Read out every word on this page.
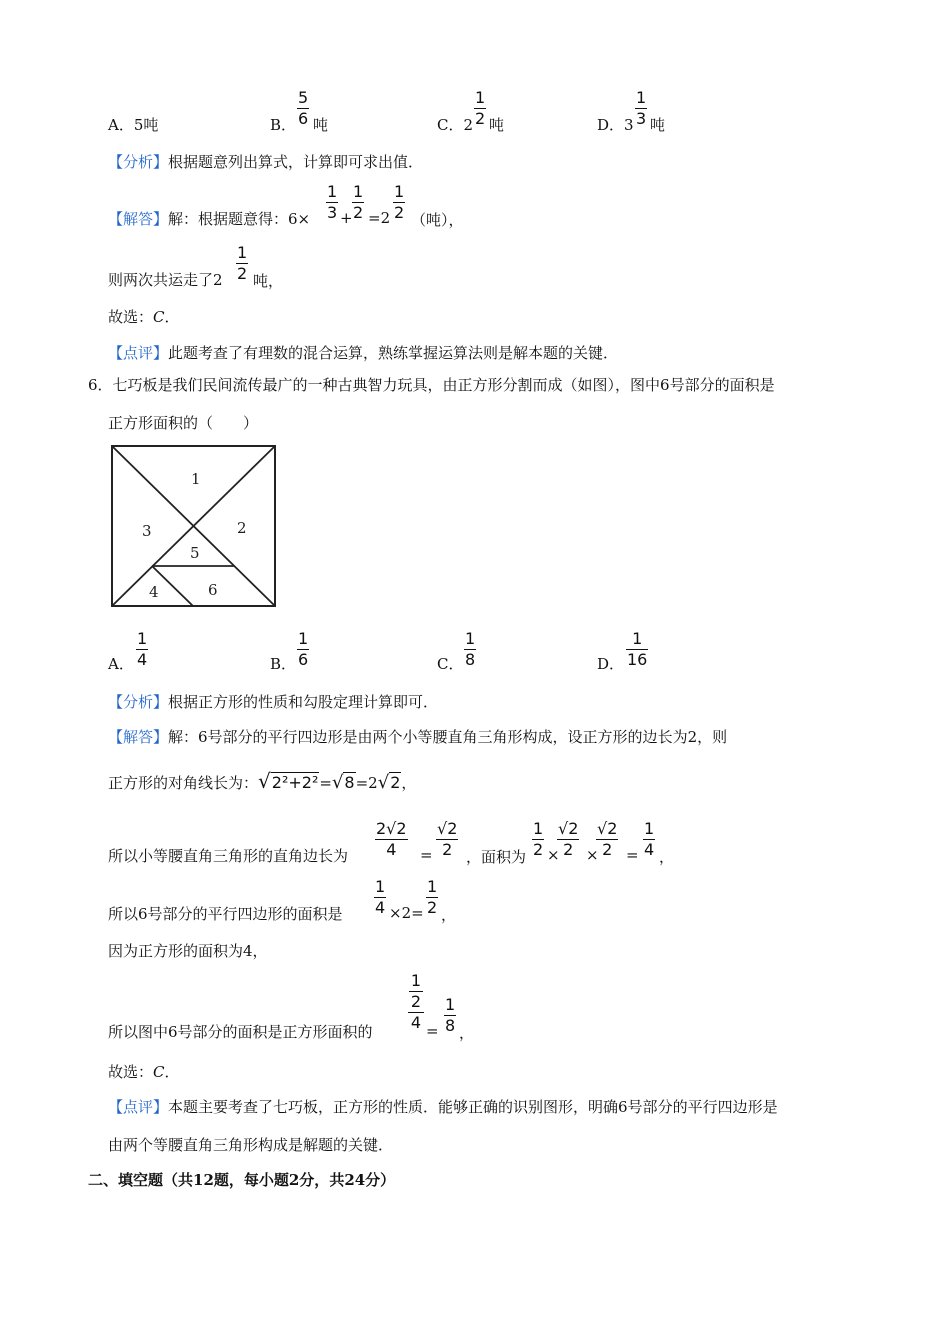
A．5吨	B．
5
6 吨	C．2
1
2 吨	D．3
1
3 吨
【分析】根据题意列出算式，计算即可求出值．
【解答】解：根据题意得：6×
1
3 +
1
2 =2
1
2 （吨），
则两次共运走了2
1
2 吨，
故选：C．
【点评】此题考查了有理数的混合运算，熟练掌握运算法则是解本题的关键．
6．七巧板是我们民间流传最广的一种古典智力玩具，由正方形分割而成（如图），图中6号部分的面积是
正方形面积的（　　）
1
2
3
4
5
6
A．
1
4	B．
1
6	C．
1
8	D．
1
16
【分析】根据正方形的性质和勾股定理计算即可．
【解答】解：6号部分的平行四边形是由两个小等腰直角三角形构成，设正方形的边长为2，则
正方形的对角线长为：√2²+2²=√8=2√2，
所以小等腰直角三角形的直角边长为
2√2
4 =
√2
2 ，面积为
1
2 ×
√2
2 ×
√2
2 =
1
4 ，
所以6号部分的平行四边形的面积是
1
4 ×2=
1
2 ，
因为正方形的面积为4，
所以图中6号部分的面积是正方形面积的
1
2
4 =
1
8 ，
故选：C．
【点评】本题主要考查了七巧板，正方形的性质．能够正确的识别图形，明确6号部分的平行四边形是
由两个等腰直角三角形构成是解题的关键．
二、填空题（共12题，每小题2分，共24分）
